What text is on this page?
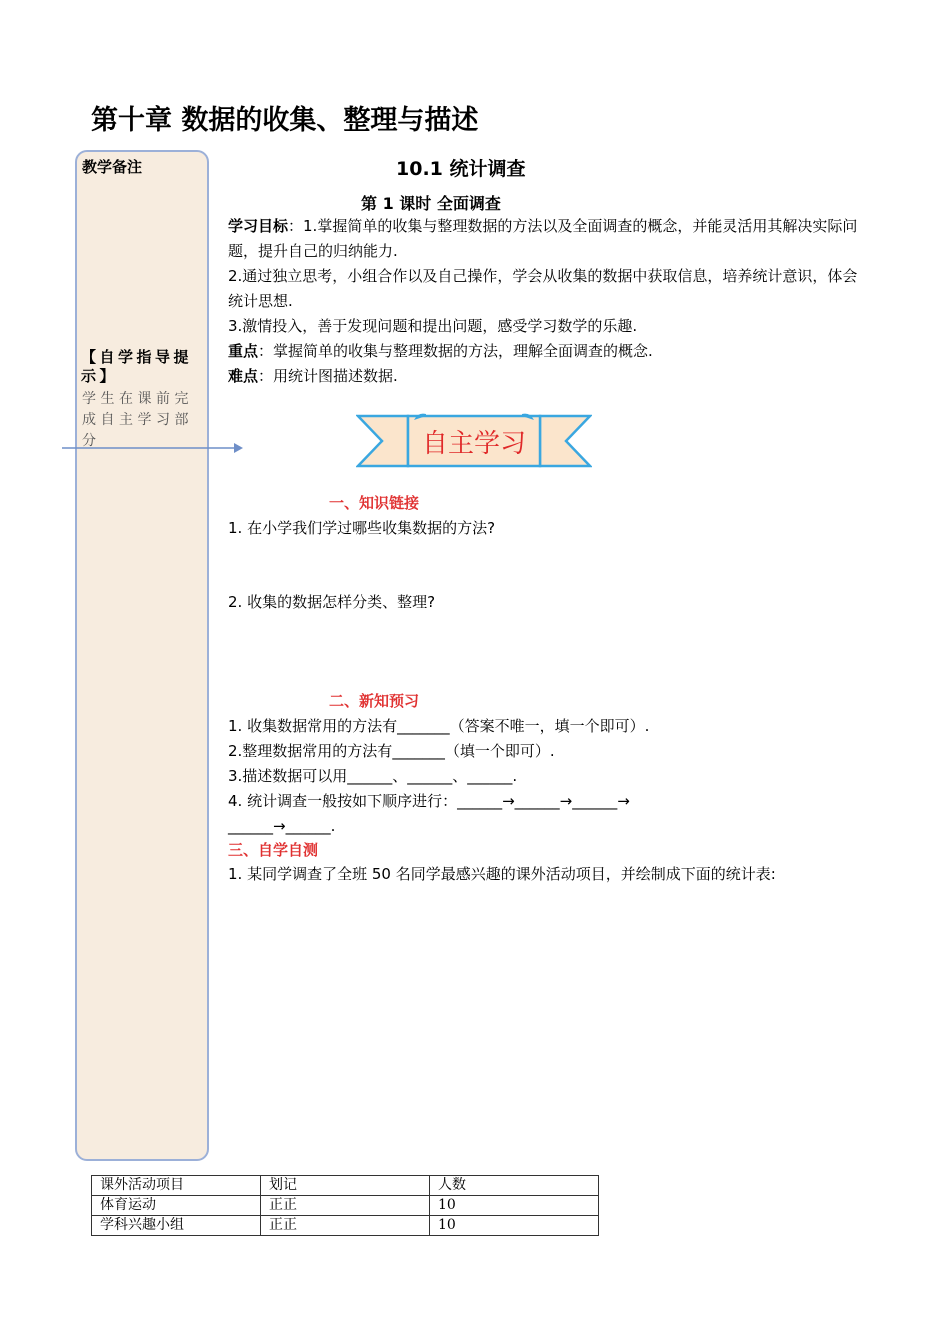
第十章 数据的收集、整理与描述
教学备注
【自学指导提示】
学生在课前完成自主学习部分
10.1 统计调查
第 1 课时 全面调查
学习目标：1.掌握简单的收集与整理数据的方法以及全面调查的概念，并能灵活用其解决实际问题，提升自己的归纳能力.
2.通过独立思考，小组合作以及自己操作，学会从收集的数据中获取信息，培养统计意识，体会统计思想.
3.激情投入，善于发现问题和提出问题，感受学习数学的乐趣.
重点：掌握简单的收集与整理数据的方法，理解全面调查的概念.
难点：用统计图描述数据.
自主学习
一、知识链接
1. 在小学我们学过哪些收集数据的方法?
2. 收集的数据怎样分类、整理?
二、新知预习
1. 收集数据常用的方法有_______（答案不唯一，填一个即可）.
2.整理数据常用的方法有_______（填一个即可）.
3.描述数据可以用______、______、______.
4. 统计调查一般按如下顺序进行：______→______→______→
______→______.
三、自学自测
1. 某同学调查了全班 50 名同学最感兴趣的课外活动项目，并绘制成下面的统计表:
课外活动项目	划记	人数
体育运动	正正	10
学科兴趣小组	正正	10
